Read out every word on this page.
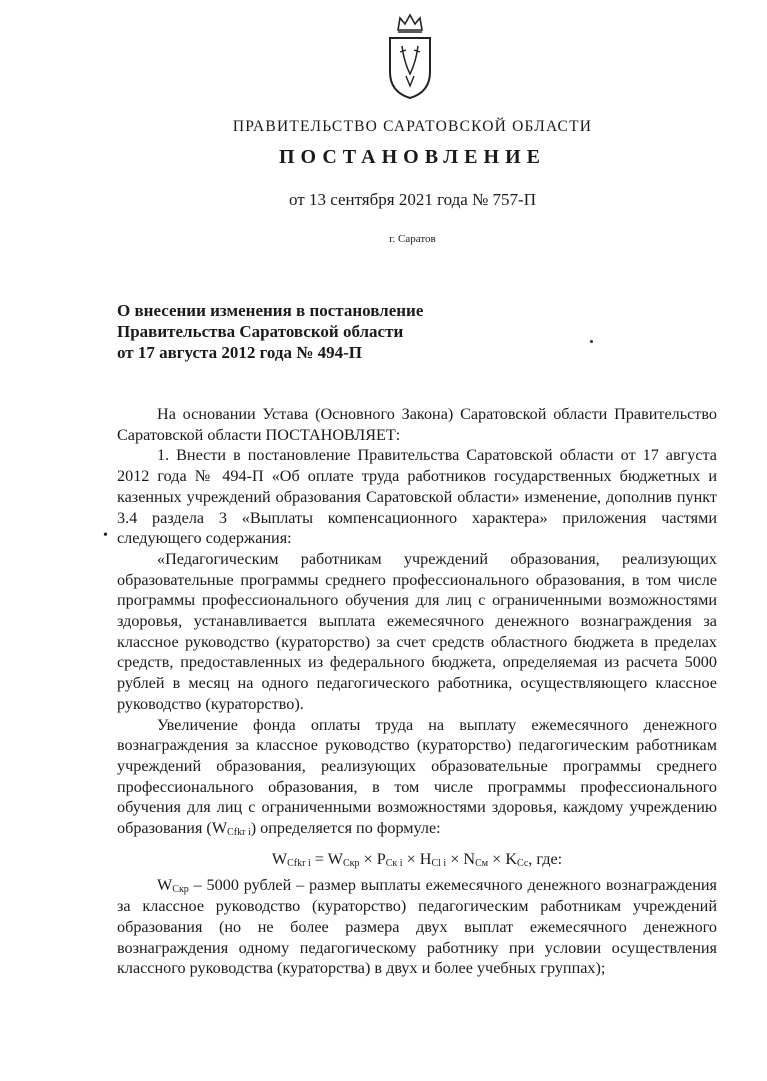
ПРАВИТЕЛЬСТВО САРАТОВСКОЙ ОБЛАСТИ
ПОСТАНОВЛЕНИЕ
от 13 сентября 2021 года № 757-П
г. Саратов
О внесении изменения в постановление
Правительства Саратовской области
от 17 августа 2012 года № 494-П
•

На основании Устава (Основного Закона) Саратовской области Правительство Саратовской области ПОСТАНОВЛЯЕТ:

1. Внести в постановление Правительства Саратовской области от 17 августа 2012 года № 494-П «Об оплате труда работников государственных бюджетных и казенных учреждений образования Саратовской области» изменение, дополнив пункт 3.4 раздела 3 «Выплаты компенсационного характера» приложения частями следующего содержания:

«Педагогическим работникам учреждений образования, реализующих образовательные программы среднего профессионального образования, в том числе программы профессионального обучения для лиц с ограниченными возможностями здоровья, устанавливается выплата ежемесячного денежного вознаграждения за классное руководство (кураторство) за счет средств областного бюджета в пределах средств, предоставленных из федерального бюджета, определяемая из расчета 5000 рублей в месяц на одного педагогического работника, осуществляющего классное руководство (кураторство).

Увеличение фонда оплаты труда на выплату ежемесячного денежного вознаграждения за классное руководство (кураторство) педагогическим работникам учреждений образования, реализующих образовательные программы среднего профессионального образования, в том числе программы профессионального обучения для лиц с ограниченными возможностями здоровья, каждому учреждению образования $(W_{Cfkr i})$ определяется по формуле:

$W_{Cfkr i} = W_{Скр} \times P_{Ск i} \times H_{Cl i} \times N_{См} \times K_{Сс}$, где:

$W_{Скр} - 5000$ рублей – размер выплаты ежемесячного денежного вознаграждения за классное руководство (кураторство) педагогическим работникам учреждений образования (но не более размера двух выплат ежемесячного денежного вознаграждения одному педагогическому работнику при условии осуществления классного руководства (кураторства) в двух и более учебных группах);
